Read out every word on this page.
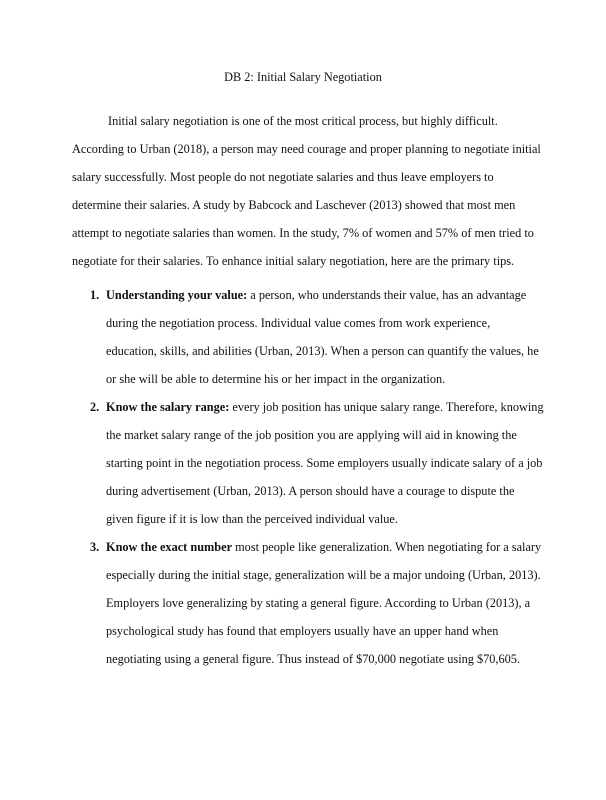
DB 2: Initial Salary Negotiation

Initial salary negotiation is one of the most critical process, but highly difficult. According to Urban (2018), a person may need courage and proper planning to negotiate initial salary successfully. Most people do not negotiate salaries and thus leave employers to determine their salaries. A study by Babcock and Laschever (2013) showed that most men attempt to negotiate salaries than women. In the study, 7% of women and 57% of men tried to negotiate for their salaries. To enhance initial salary negotiation, here are the primary tips.

1. Understanding your value: a person, who understands their value, has an advantage during the negotiation process. Individual value comes from work experience, education, skills, and abilities (Urban, 2013). When a person can quantify the values, he or she will be able to determine his or her impact in the organization.
2. Know the salary range: every job position has unique salary range. Therefore, knowing the market salary range of the job position you are applying will aid in knowing the starting point in the negotiation process. Some employers usually indicate salary of a job during advertisement (Urban, 2013). A person should have a courage to dispute the given figure if it is low than the perceived individual value.
3. Know the exact number most people like generalization. When negotiating for a salary especially during the initial stage, generalization will be a major undoing (Urban, 2013). Employers love generalizing by stating a general figure. According to Urban (2013), a psychological study has found that employers usually have an upper hand when negotiating using a general figure. Thus instead of $70,000 negotiate using $70,605.
